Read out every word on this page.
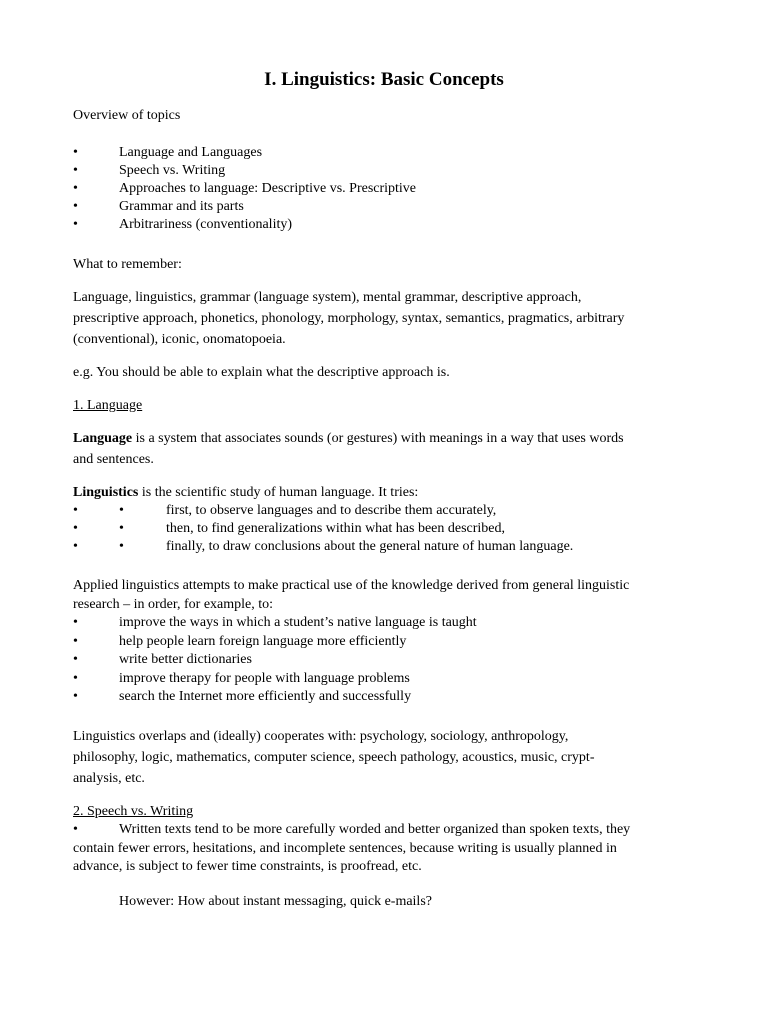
I. Linguistics: Basic Concepts
Overview of topics
•	Language and Languages
•	Speech vs. Writing
•	Approaches to language: Descriptive vs. Prescriptive
•	Grammar and its parts
•	Arbitrariness (conventionality)
What to remember:
Language, linguistics, grammar (language system), mental grammar, descriptive approach,
prescriptive approach, phonetics, phonology, morphology, syntax, semantics, pragmatics, arbitrary
(conventional), iconic, onomatopoeia.
e.g. You should be able to explain what the descriptive approach is.
1. Language
Language is a system that associates sounds (or gestures) with meanings in a way that uses words
and sentences.
Linguistics is the scientific study of human language. It tries:
•	•	first, to observe languages and to describe them accurately,
•	•	then, to find generalizations within what has been described,
•	•	finally, to draw conclusions about the general nature of human language.
Applied linguistics attempts to make practical use of the knowledge derived from general linguistic
research – in order, for example, to:
•	improve the ways in which a student’s native language is taught
•	help people learn foreign language more efficiently
•	write better dictionaries
•	improve therapy for people with language problems
•	search the Internet more efficiently and successfully
Linguistics overlaps and (ideally) cooperates with: psychology, sociology, anthropology,
philosophy, logic, mathematics, computer science, speech pathology, acoustics, music, crypt-
analysis, etc.
2. Speech vs. Writing
•	Written texts tend to be more carefully worded and better organized than spoken texts, they
contain fewer errors, hesitations, and incomplete sentences, because writing is usually planned in
advance, is subject to fewer time constraints, is proofread, etc.
However: How about instant messaging, quick e-mails?
